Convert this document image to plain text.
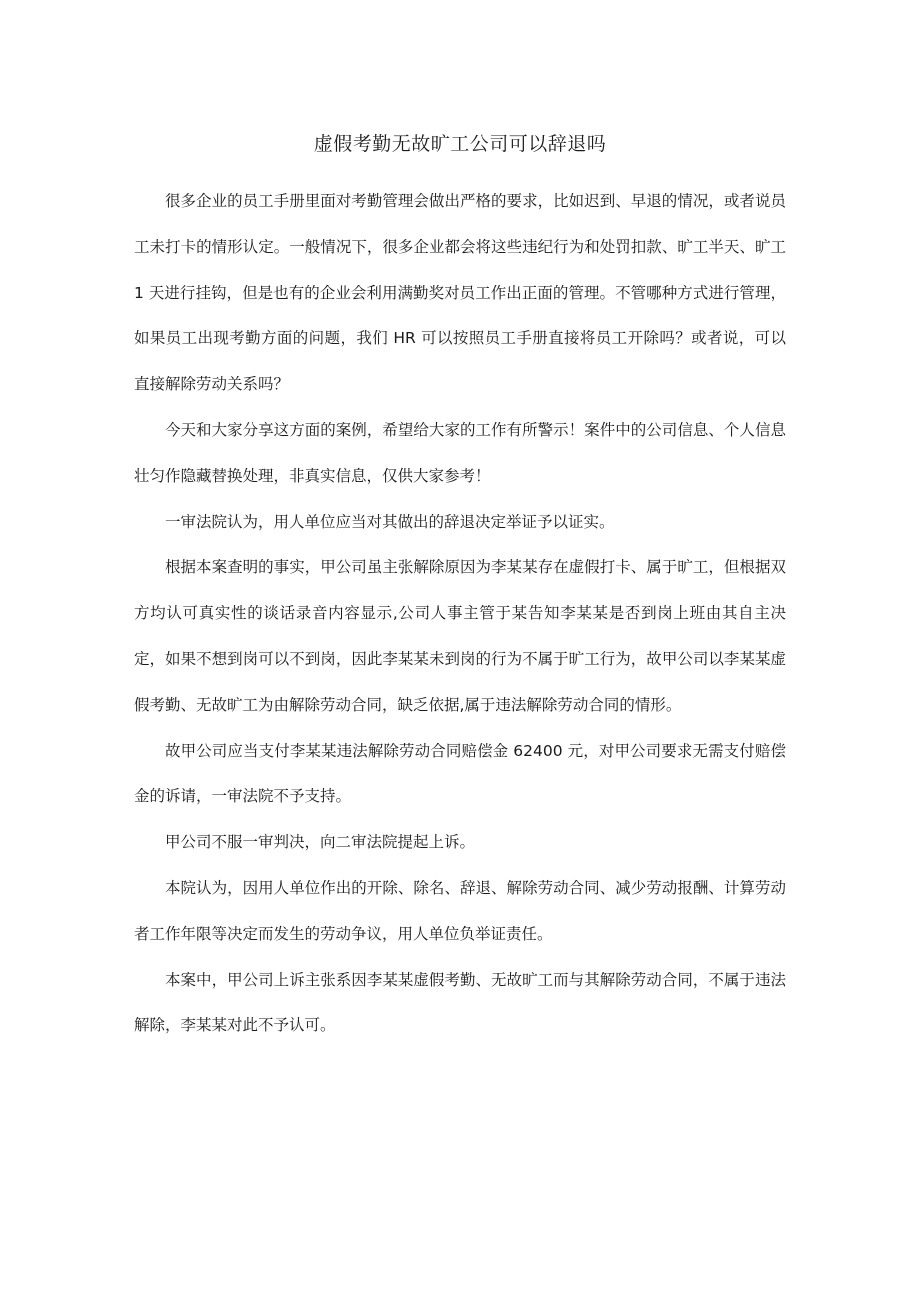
虚假考勤无故旷工公司可以辞退吗

很多企业的员工手册里面对考勤管理会做出严格的要求，比如迟到、早退的情况，或者说员工未打卡的情形认定。一般情况下，很多企业都会将这些违纪行为和处罚扣款、旷工半天、旷工1 天进行挂钩，但是也有的企业会利用满勤奖对员工作出正面的管理。不管哪种方式进行管理，如果员工出现考勤方面的问题，我们 HR 可以按照员工手册直接将员工开除吗？或者说，可以直接解除劳动关系吗？

今天和大家分享这方面的案例，希望给大家的工作有所警示！案件中的公司信息、个人信息壮匀作隐藏替换处理，非真实信息，仅供大家参考！

一审法院认为，用人单位应当对其做出的辞退决定举证予以证实。

根据本案查明的事实，甲公司虽主张解除原因为李某某存在虚假打卡、属于旷工，但根据双方均认可真实性的谈话录音内容显示,公司人事主管于某告知李某某是否到岗上班由其自主决定，如果不想到岗可以不到岗，因此李某某未到岗的行为不属于旷工行为，故甲公司以李某某虚假考勤、无故旷工为由解除劳动合同，缺乏依据,属于违法解除劳动合同的情形。

故甲公司应当支付李某某违法解除劳动合同赔偿金 62400 元，对甲公司要求无需支付赔偿金的诉请，一审法院不予支持。

甲公司不服一审判决，向二审法院提起上诉。

本院认为，因用人单位作出的开除、除名、辞退、解除劳动合同、减少劳动报酬、计算劳动者工作年限等决定而发生的劳动争议，用人单位负举证责任。

本案中，甲公司上诉主张系因李某某虚假考勤、无故旷工而与其解除劳动合同，不属于违法解除，李某某对此不予认可。
